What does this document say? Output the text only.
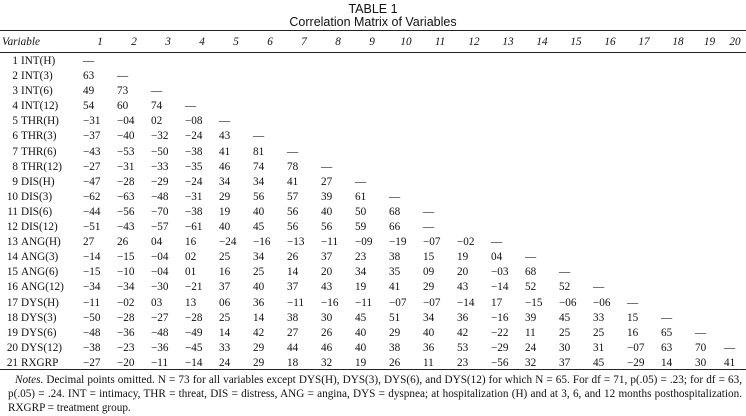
TABLE 1
Correlation Matrix of Variables
Variable	1	2	3	4	5	6	7	8	9	10	11	12	13	14	15	16	17	18	19	20
1 INT(H)	—																			
2 INT(3)	63	—																		
3 INT(6)	49	73	—																	
4 INT(12)	54	60	74	—																
5 THR(H)	−31	−04	02	−08	—															
6 THR(3)	−37	−40	−32	−24	43	—														
7 THR(6)	−43	−53	−50	−38	41	81	—													
8 THR(12)	−27	−31	−33	−35	46	74	78	—												
9 DIS(H)	−47	−28	−29	−24	34	34	41	27	—											
10 DIS(3)	−62	−63	−48	−31	29	56	57	39	61	—										
11 DIS(6)	−44	−56	−70	−38	19	40	56	40	50	68	—									
12 DIS(12)	−51	−43	−57	−61	40	45	56	56	59	66	—									
13 ANG(H)	27	26	04	16	−24	−16	−13	−11	−09	−19	−07	−02	—							
14 ANG(3)	−14	−15	−04	02	25	34	26	37	23	38	15	19	04	—						
15 ANG(6)	−15	−10	−04	01	16	25	14	20	34	35	09	20	−03	68	—					
16 ANG(12)	−34	−34	−30	−21	37	40	37	43	19	41	29	43	−14	52	52	—				
17 DYS(H)	−11	−02	03	13	06	36	−11	−16	−11	−07	−07	−14	17	−15	−06	−06	—			
18 DYS(3)	−50	−28	−27	−28	25	14	38	30	45	51	34	36	−16	39	45	33	15	—		
19 DYS(6)	−48	−36	−48	−49	14	42	27	26	40	29	40	42	−22	11	25	25	16	65	—	
20 DYS(12)	−38	−23	−36	−45	33	29	44	46	40	38	36	53	−29	24	30	31	−07	63	70	—
21 RXGRP	−27	−20	−11	−14	24	29	18	32	19	26	11	23	−56	32	37	45	−29	14	30	41
Notes. Decimal points omitted. N = 73 for all variables except DYS(H), DYS(3), DYS(6), and DYS(12) for which N = 65. For df = 71, p(.05) = .23; for df = 63, p(.05) = .24. INT = intimacy, THR = threat, DIS = distress, ANG = angina, DYS = dyspnea; at hospitalization (H) and at 3, 6, and 12 months posthospitalization. RXGRP = treatment group.
